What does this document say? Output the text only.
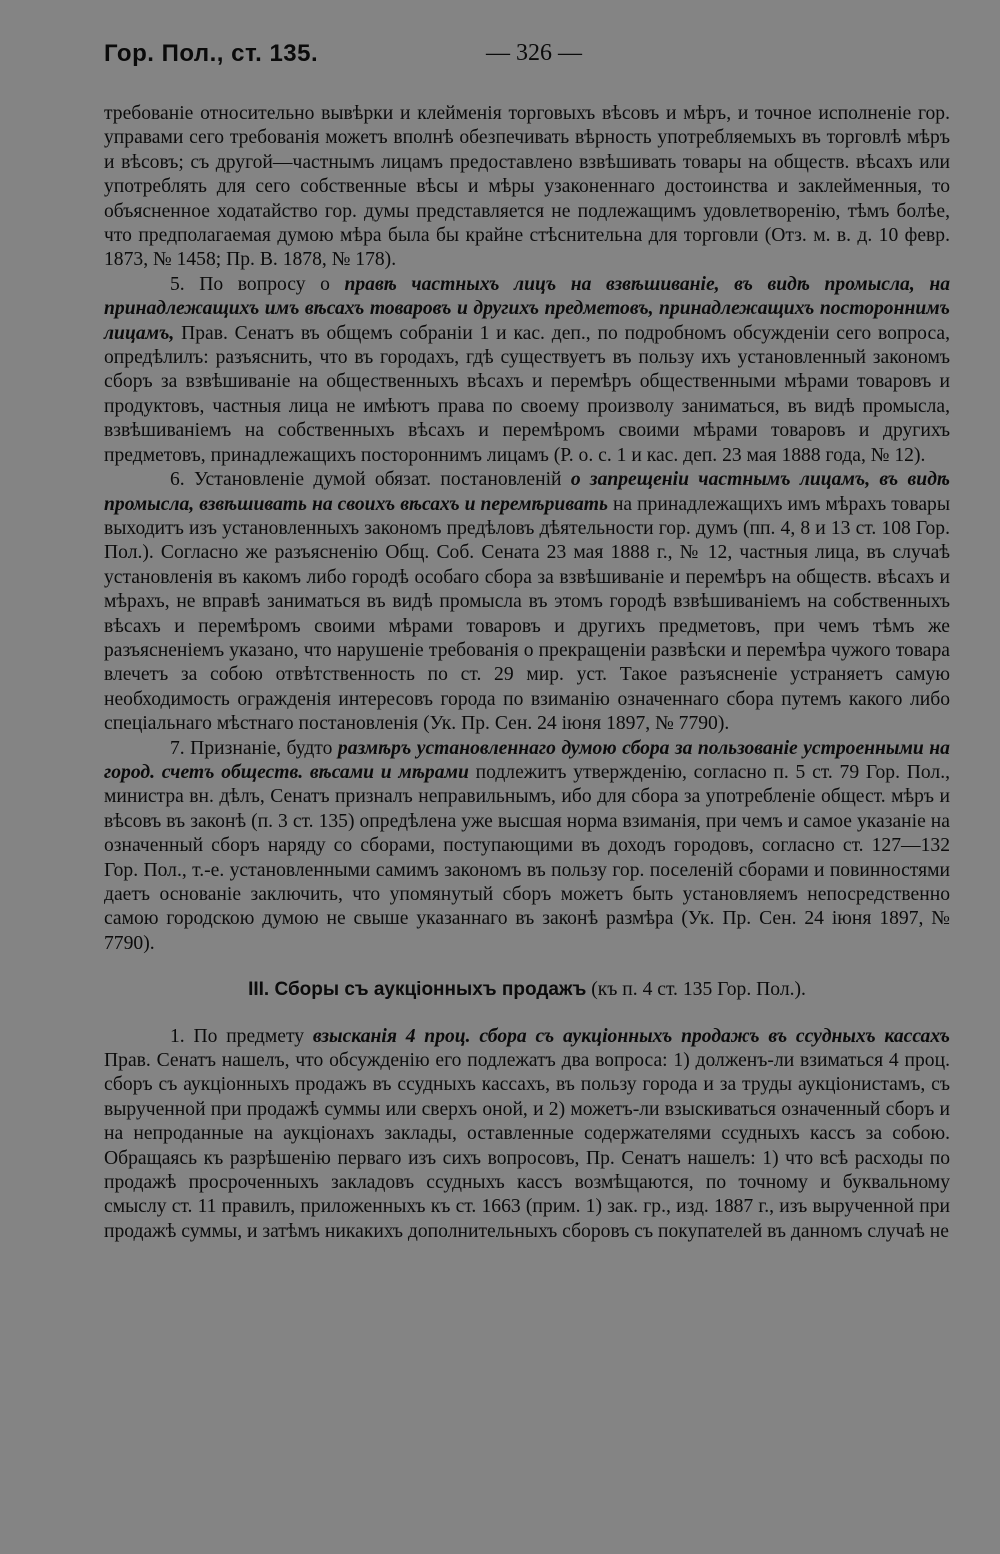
Гор. Пол., ст. 135.	— 326 —

требованіе относительно вывѣрки и клейменія торговыхъ вѣсовъ и мѣръ, и точное исполненіе гор. управами сего требованія можетъ вполнѣ обезпечивать вѣрность употребляемыхъ въ торговлѣ мѣръ и вѣсовъ; съ другой—частнымъ лицамъ предоставлено взвѣшивать товары на обществ. вѣсахъ или употреблять для сего собственные вѣсы и мѣры узаконеннаго достоинства и заклейменныя, то объясненное ходатайство гор. думы представляется не подлежащимъ удовлетворенію, тѣмъ болѣе, что предполагаемая думою мѣра была бы крайне стѣснительна для торговли (Отз. м. в. д. 10 февр. 1873, № 1458; Пр. В. 1878, № 178).

5. По вопросу о правѣ частныхъ лицъ на взвѣшиваніе, въ видѣ промысла, на принадлежащихъ имъ вѣсахъ товаровъ и другихъ предметовъ, принадлежащихъ постороннимъ лицамъ, Прав. Сенатъ въ общемъ собраніи 1 и кас. деп., по подробномъ обсужденіи сего вопроса, опредѣлилъ: разъяснить, что въ городахъ, гдѣ существуетъ въ пользу ихъ установленный закономъ сборъ за взвѣшиваніе на общественныхъ вѣсахъ и перемѣръ общественными мѣрами товаровъ и продуктовъ, частныя лица не имѣютъ права по своему произволу заниматься, въ видѣ промысла, взвѣшиваніемъ на собственныхъ вѣсахъ и перемѣромъ своими мѣрами товаровъ и другихъ предметовъ, принадлежащихъ постороннимъ лицамъ (Р. о. с. 1 и кас. деп. 23 мая 1888 года, № 12).

6. Установленіе думой обязат. постановленій о запрещеніи частнымъ лицамъ, въ видѣ промысла, взвѣшивать на своихъ вѣсахъ и перемѣривать на принадлежащихъ имъ мѣрахъ товары выходитъ изъ установленныхъ закономъ предѣловъ дѣятельности гор. думъ (пп. 4, 8 и 13 ст. 108 Гор. Пол.). Согласно же разъясненію Общ. Соб. Сената 23 мая 1888 г., № 12, частныя лица, въ случаѣ установленія въ какомъ либо городѣ особаго сбора за взвѣшиваніе и перемѣръ на обществ. вѣсахъ и мѣрахъ, не вправѣ заниматься въ видѣ промысла въ этомъ городѣ взвѣшиваніемъ на собственныхъ вѣсахъ и перемѣромъ своими мѣрами товаровъ и другихъ предметовъ, при чемъ тѣмъ же разъясненіемъ указано, что нарушеніе требованія о прекращеніи развѣски и перемѣра чужого товара влечетъ за собою отвѣтственность по ст. 29 мир. уст. Такое разъясненіе устраняетъ самую необходимость огражденія интересовъ города по взиманію означеннаго сбора путемъ какого либо спеціальнаго мѣстнаго постановленія (Ук. Пр. Сен. 24 іюня 1897, № 7790).

7. Признаніе, будто размѣръ установленнаго думою сбора за пользованіе устроенными на город. счетъ обществ. вѣсами и мѣрами подлежитъ утвержденію, согласно п. 5 ст. 79 Гор. Пол., министра вн. дѣлъ, Сенатъ призналъ неправильнымъ, ибо для сбора за употребленіе общест. мѣръ и вѣсовъ въ законѣ (п. 3 ст. 135) опредѣлена уже высшая норма взиманія, при чемъ и самое указаніе на означенный сборъ наряду со сборами, поступающими въ доходъ городовъ, согласно ст. 127—132 Гор. Пол., т.-е. установленными самимъ закономъ въ пользу гор. поселеній сборами и повинностями даетъ основаніе заключить, что упомянутый сборъ можетъ быть установляемъ непосредственно самою городскою думою не свыше указаннаго въ законѣ размѣра (Ук. Пр. Сен. 24 іюня 1897, № 7790).

III. Сборы съ аукціонныхъ продажъ (къ п. 4 ст. 135 Гор. Пол.).

1. По предмету взысканія 4 проц. сбора съ аукціонныхъ продажъ въ ссудныхъ кассахъ Прав. Сенатъ нашелъ, что обсужденію его подлежатъ два вопроса: 1) долженъ-ли взиматься 4 проц. сборъ съ аукціонныхъ продажъ въ ссудныхъ кассахъ, въ пользу города и за труды аукціонистамъ, съ вырученной при продажѣ суммы или сверхъ оной, и 2) можетъ-ли взыскиваться означенный сборъ и на непроданные на аукціонахъ заклады, оставленные содержателями ссудныхъ кассъ за собою. Обращаясь къ разрѣшенію перваго изъ сихъ вопросовъ, Пр. Сенатъ нашелъ: 1) что всѣ расходы по продажѣ просроченныхъ закладовъ ссудныхъ кассъ возмѣщаются, по точному и буквальному смыслу ст. 11 правилъ, приложенныхъ къ ст. 1663 (прим. 1) зак. гр., изд. 1887 г., изъ вырученной при продажѣ суммы, и затѣмъ никакихъ дополнительныхъ сборовъ съ покупателей въ данномъ случаѣ не
